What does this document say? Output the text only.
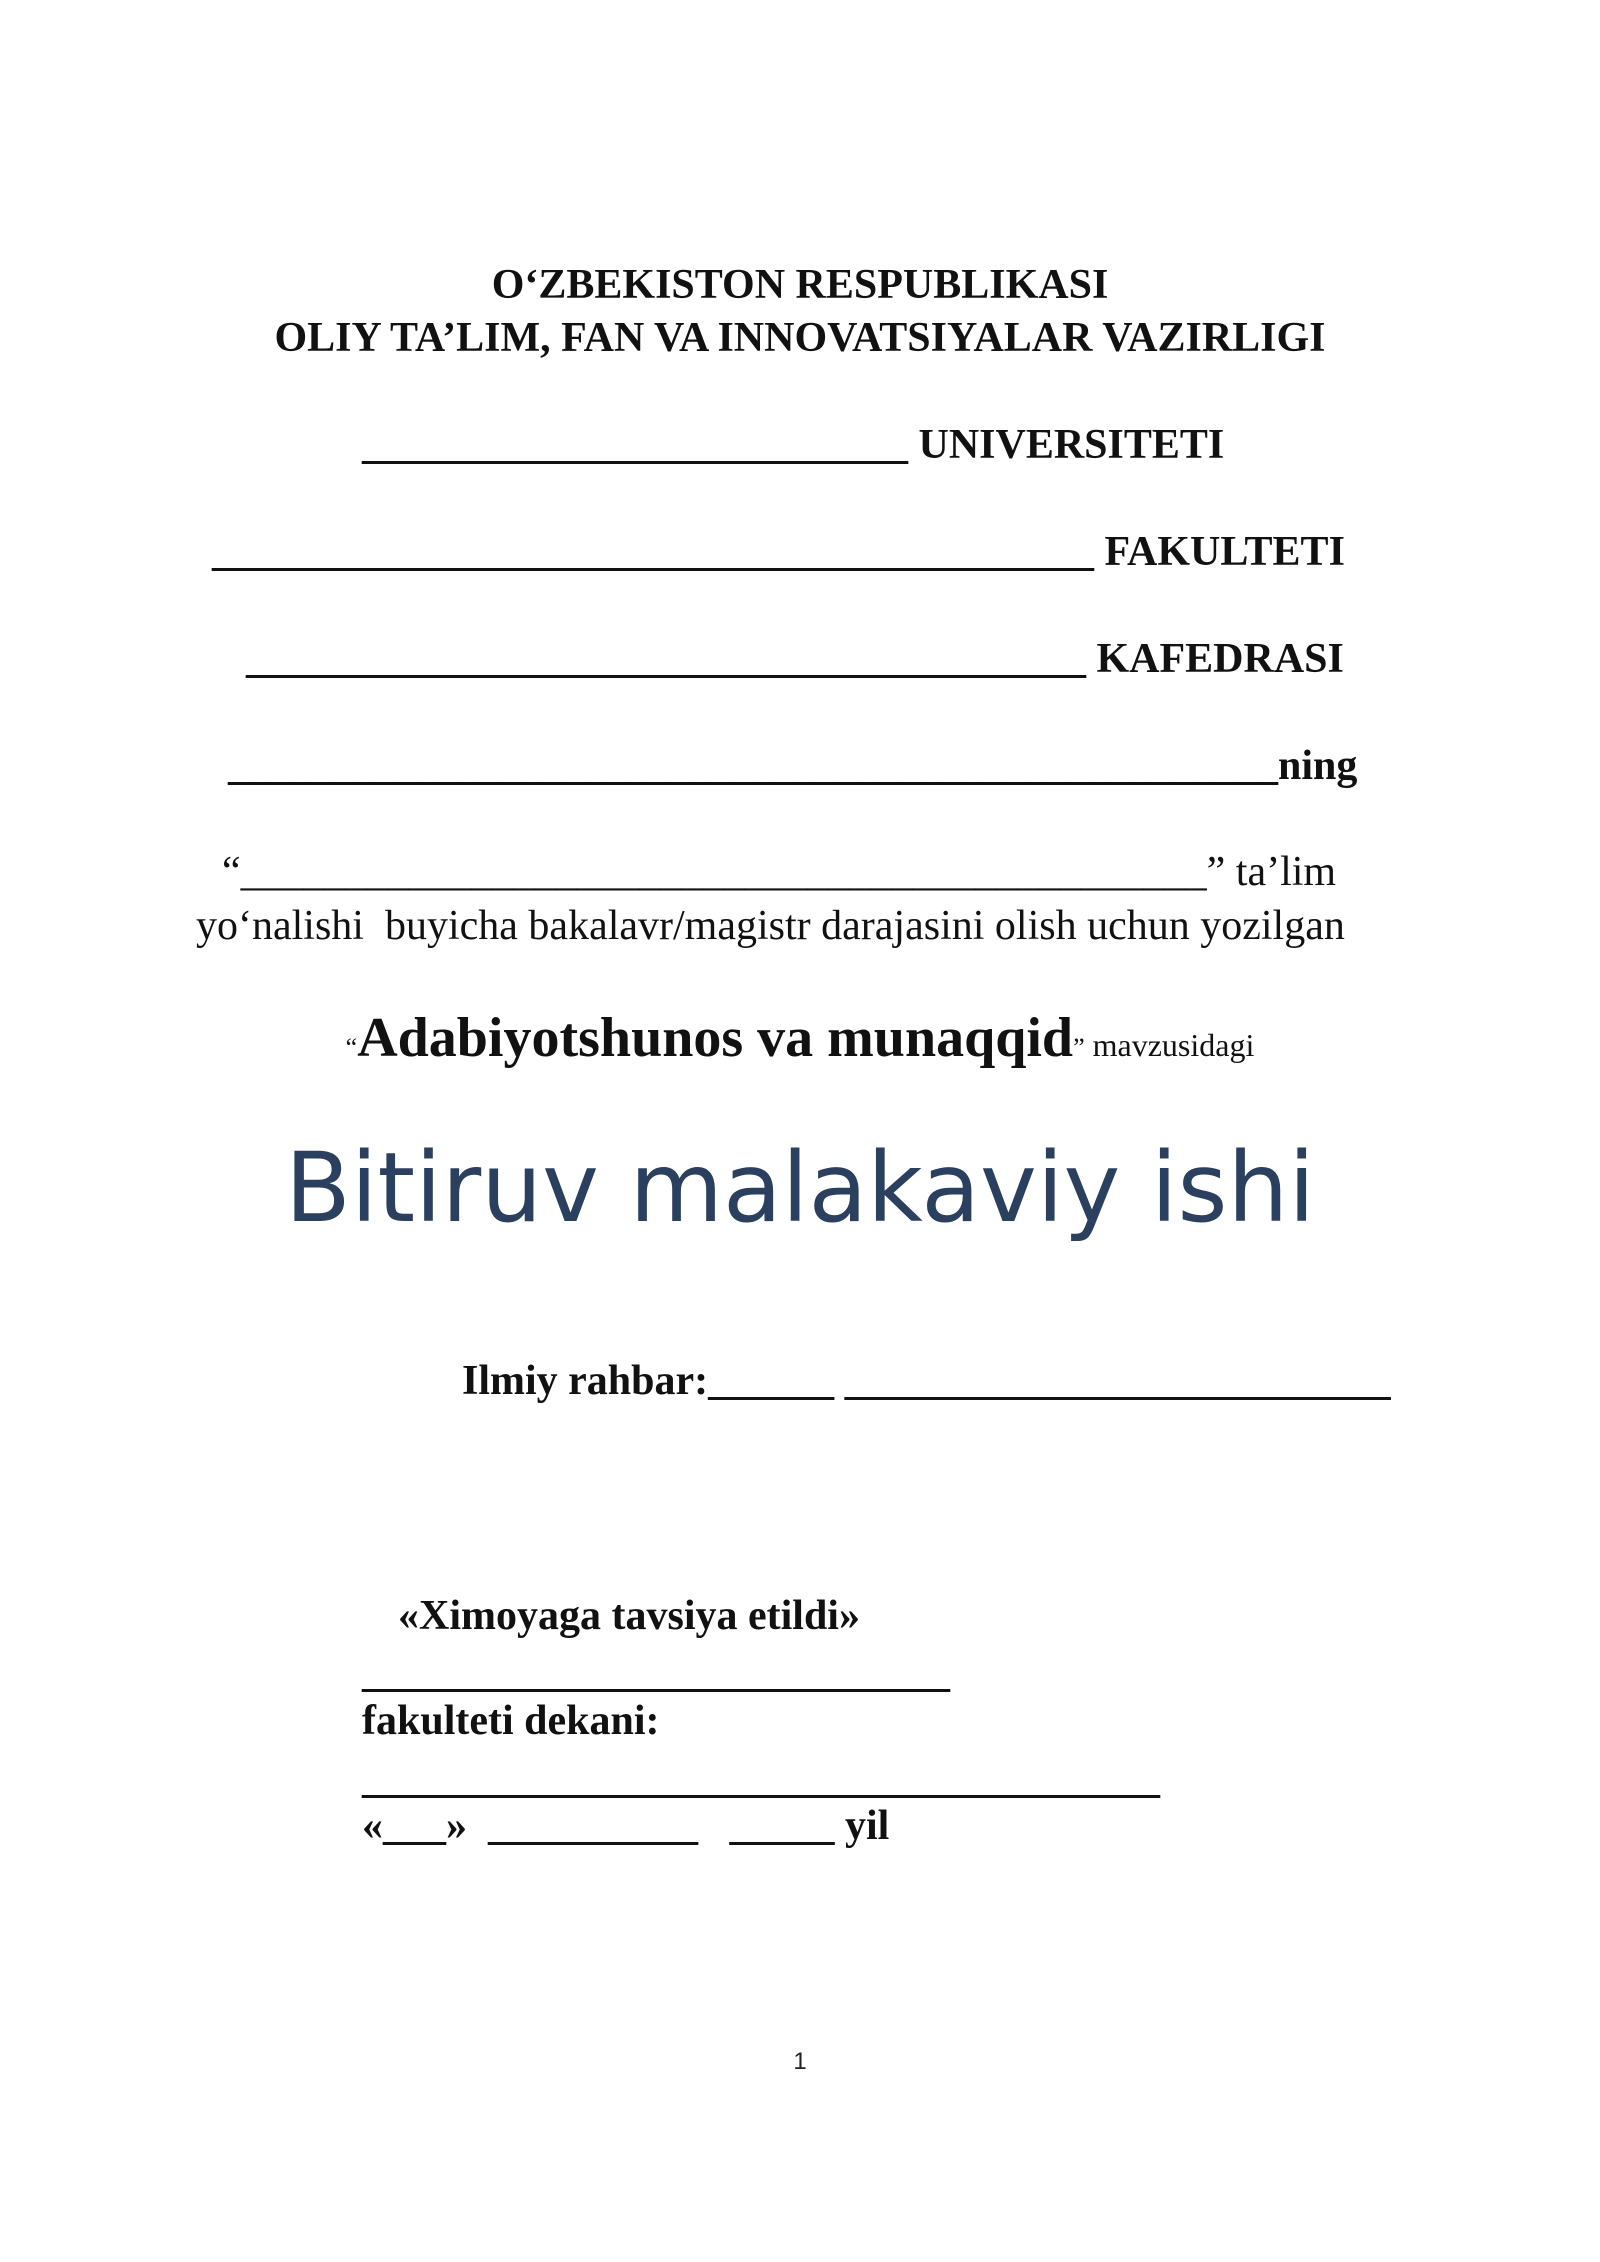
O‘ZBEKISTON RESPUBLIKASI
OLIY TA’LIM, FAN VA INNOVATSIYALAR VAZIRLIGI
__________________________ UNIVERSITETI
__________________________________________ FAKULTETI
________________________________________ KAFEDRASI
__________________________________________________ning
“______________________________________________” ta’lim
yo‘nalishi  buyicha bakalavr/magistr darajasini olish uchun yozilgan
“Adabiyotshunos va munaqqid” mavzusidagi
Bitiruv malakaviy ishi
Ilmiy rahbar:______ __________________________
«Ximoyaga tavsiya etildi»
____________________________
fakulteti dekani:
______________________________________
«___»  __________   _____ yil
1
